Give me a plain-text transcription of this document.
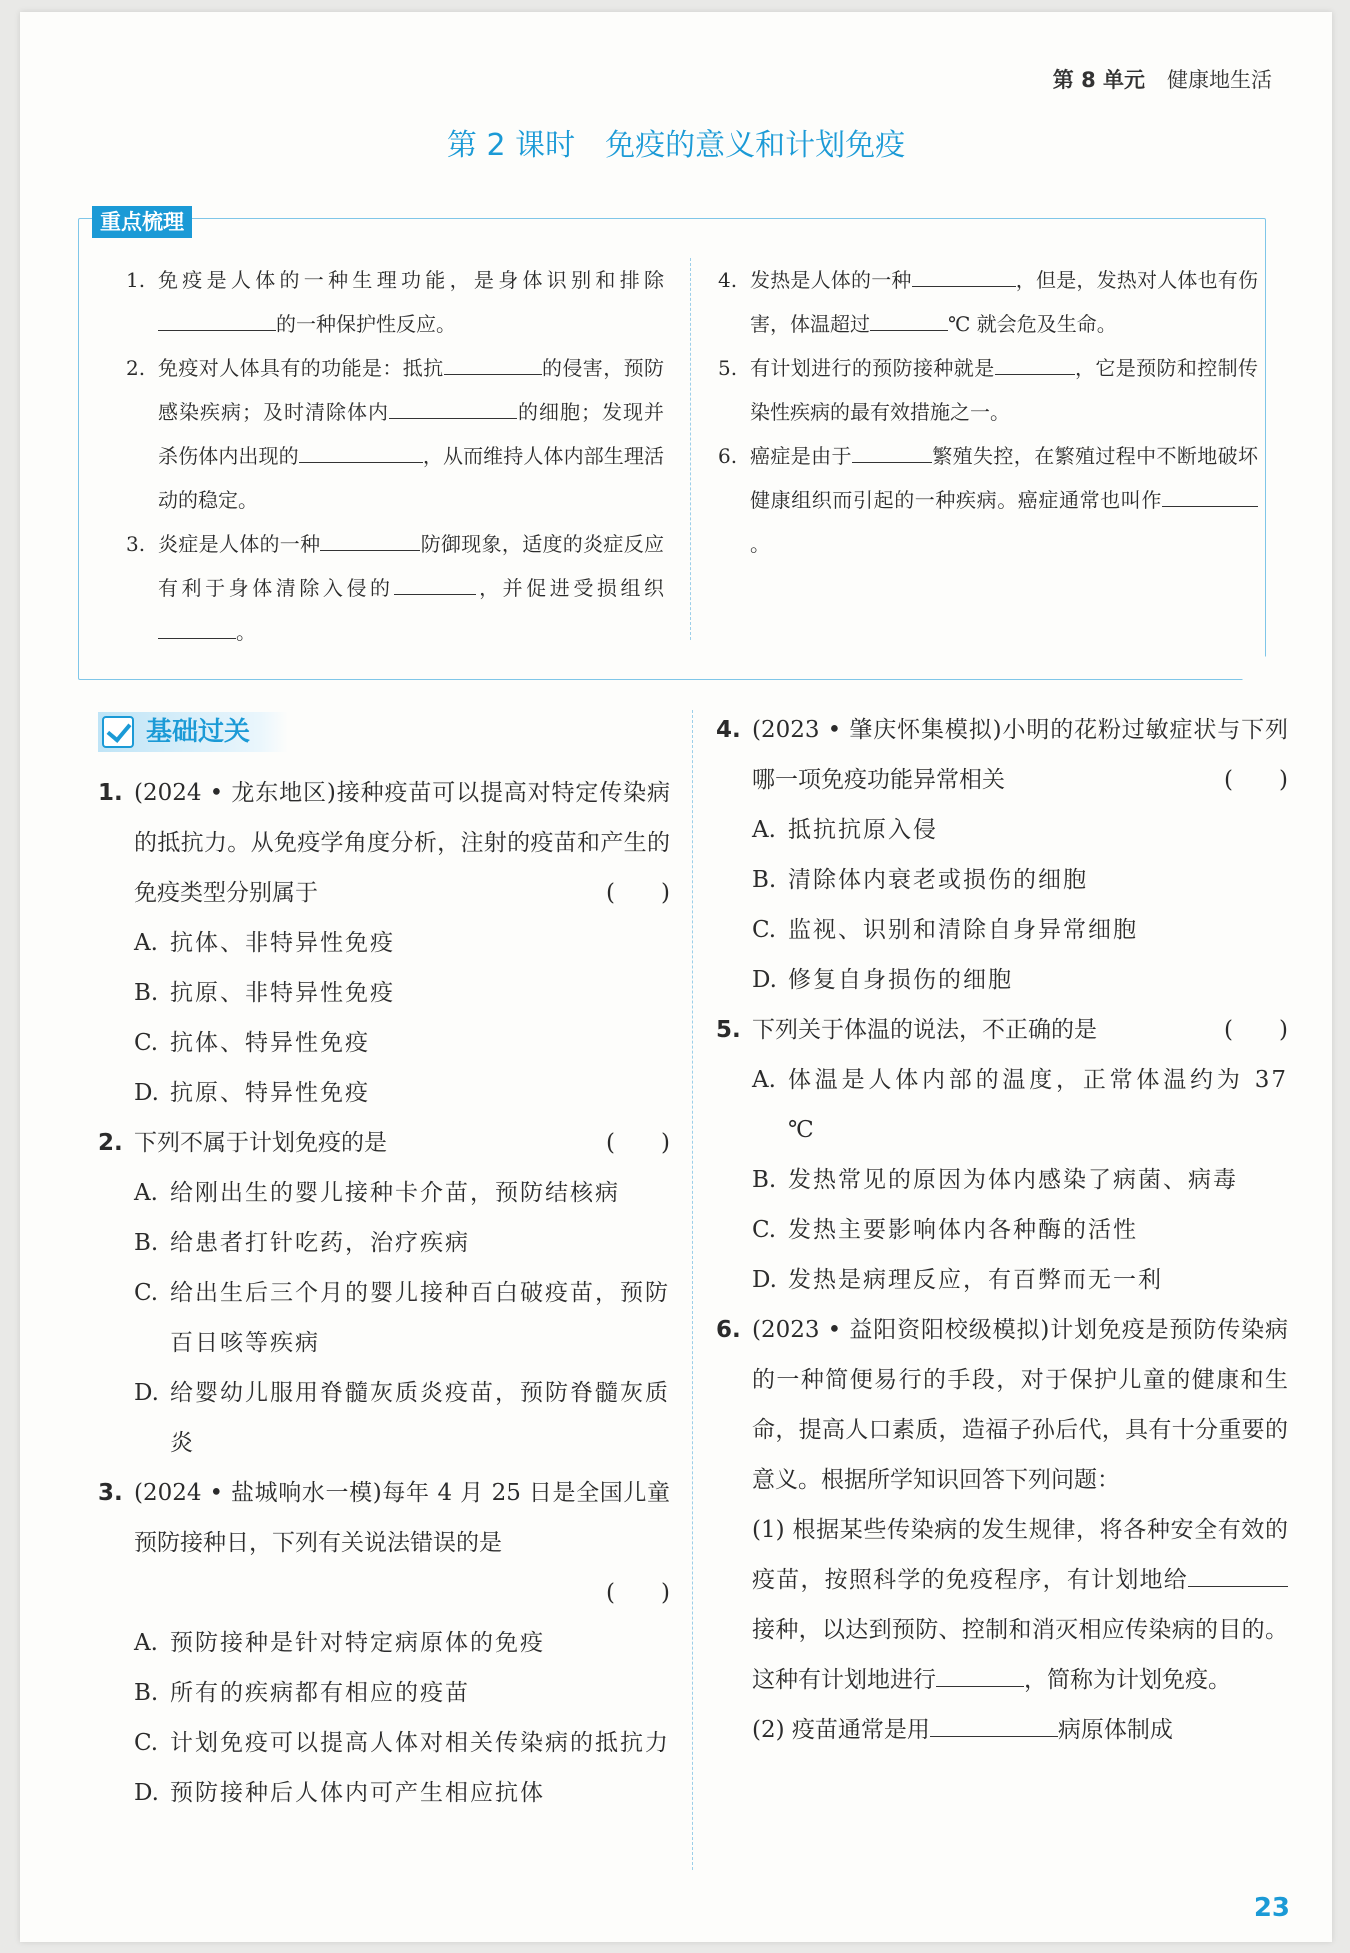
第 8 单元 健康地生活
第 2 课时 免疫的意义和计划免疫
重点梳理
1. 免疫是人体的一种生理功能，是身体识别和排除的一种保护性反应。
2. 免疫对人体具有的功能是：抵抗	的侵害，预防感染疾病；及时清除体内	的细胞；发现并杀伤体内出现的	，从而维持人体内部生理活动的稳定。
3. 炎症是人体的一种	防御现象，适度的炎症反应有利于身体清除入侵的	，并促进受损组织。
4. 发热是人体的一种	，但是，发热对人体也有伤害，体温超过	℃ 就会危及生命。
5. 有计划进行的预防接种就是	，它是预防和控制传染性疾病的最有效措施之一。
6. 癌症是由于	繁殖失控，在繁殖过程中不断地破坏健康组织而引起的一种疾病。癌症通常也叫作。
基础过关
1. (2024 • 龙东地区)接种疫苗可以提高对特定传染病的抵抗力。从免疫学角度分析，注射的疫苗和产生的免疫类型分别属于	(　　)
A. 抗体、非特异性免疫
B. 抗原、非特异性免疫
C. 抗体、特异性免疫
D. 抗原、特异性免疫
2. 下列不属于计划免疫的是	(　　)
A. 给刚出生的婴儿接种卡介苗，预防结核病
B. 给患者打针吃药，治疗疾病
C. 给出生后三个月的婴儿接种百白破疫苗，预防百日咳等疾病
D. 给婴幼儿服用脊髓灰质炎疫苗，预防脊髓灰质炎
3. (2024 • 盐城响水一模)每年 4 月 25 日是全国儿童预防接种日，下列有关说法错误的是
(　　)
A. 预防接种是针对特定病原体的免疫
B. 所有的疾病都有相应的疫苗
C. 计划免疫可以提高人体对相关传染病的抵抗力
D. 预防接种后人体内可产生相应抗体
4. (2023 • 肇庆怀集模拟)小明的花粉过敏症状与下列哪一项免疫功能异常相关	(　　)
A. 抵抗抗原入侵
B. 清除体内衰老或损伤的细胞
C. 监视、识别和清除自身异常细胞
D. 修复自身损伤的细胞
5. 下列关于体温的说法，不正确的是	(　　)
A. 体温是人体内部的温度，正常体温约为 37 ℃
B. 发热常见的原因为体内感染了病菌、病毒
C. 发热主要影响体内各种酶的活性
D. 发热是病理反应，有百弊而无一利
6. (2023 • 益阳资阳校级模拟)计划免疫是预防传染病的一种简便易行的手段，对于保护儿童的健康和生命，提高人口素质，造福子孙后代，具有十分重要的意义。根据所学知识回答下列问题：
(1) 根据某些传染病的发生规律，将各种安全有效的疫苗，按照科学的免疫程序，有计划地给接种，以达到预防、控制和消灭相应传染病的目的。这种有计划地进行	，简称为计划免疫。
(2) 疫苗通常是用	病原体制成
23
